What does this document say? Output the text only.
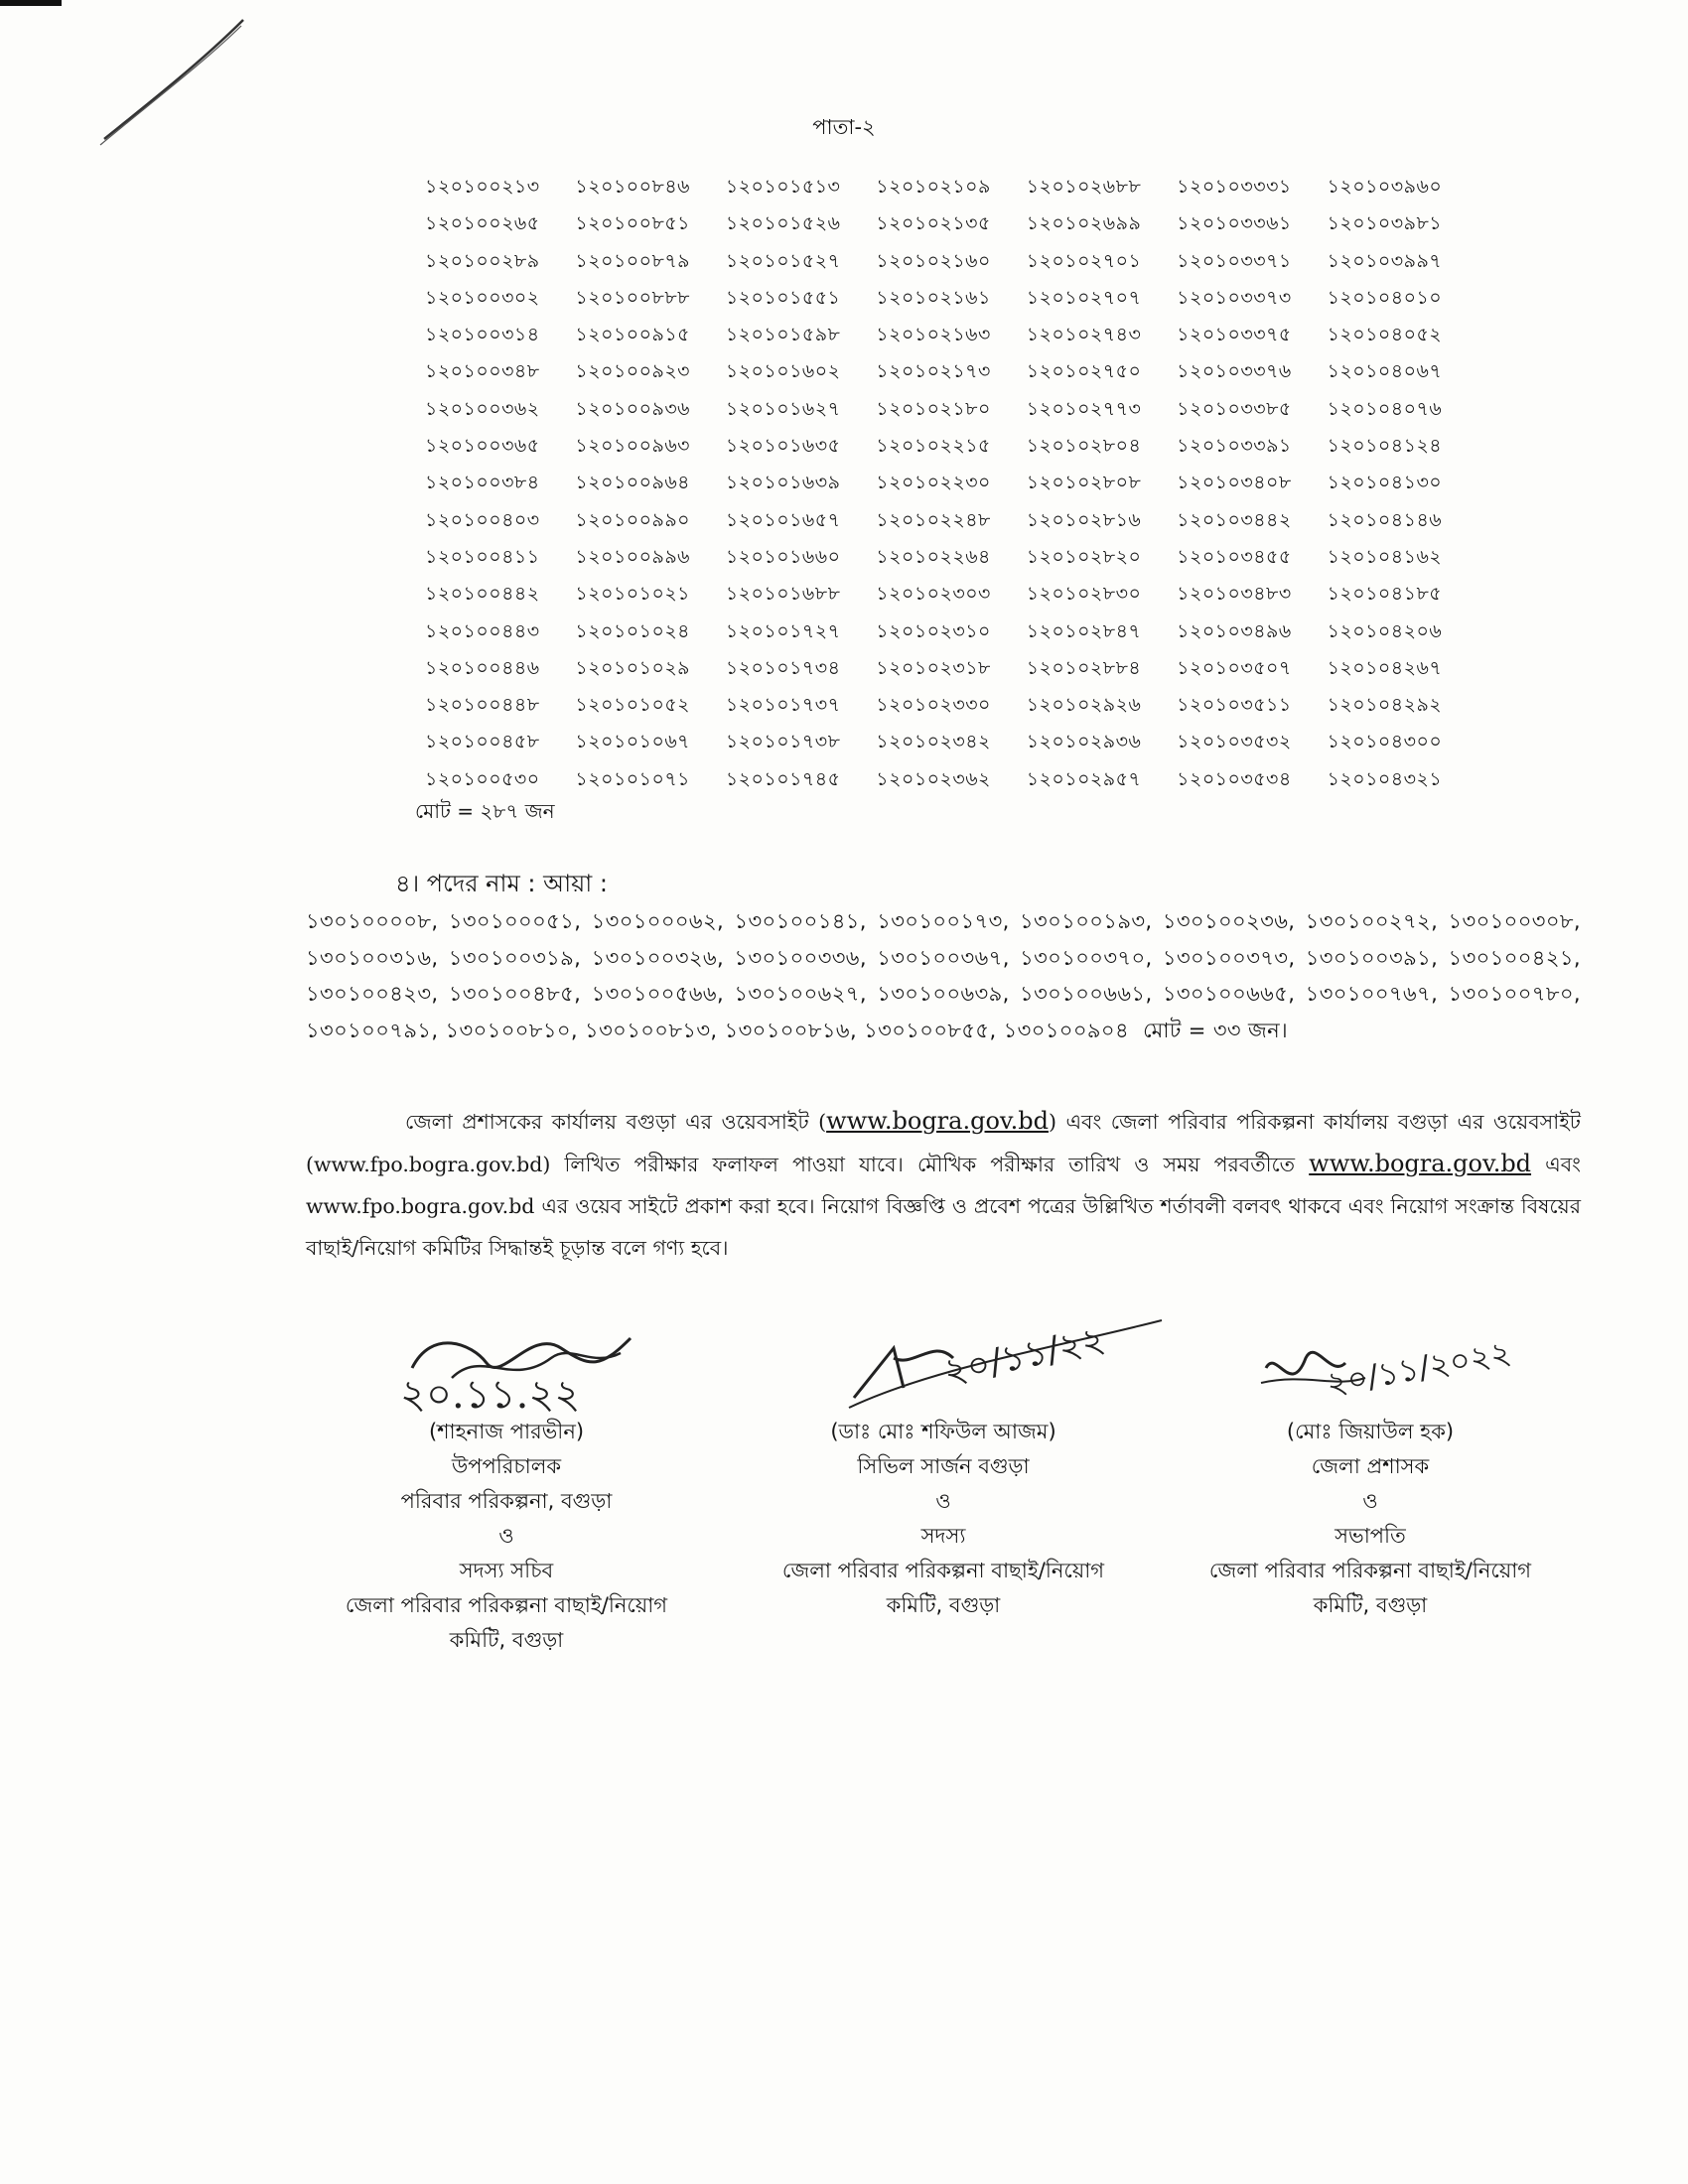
পাতা-২
১২০১০০২১৩	১২০১০০৮৪৬	১২০১০১৫১৩	১২০১০২১০৯	১২০১০২৬৮৮	১২০১০৩৩৩১	১২০১০৩৯৬০
১২০১০০২৬৫	১২০১০০৮৫১	১২০১০১৫২৬	১২০১০২১৩৫	১২০১০২৬৯৯	১২০১০৩৩৬১	১২০১০৩৯৮১
১২০১০০২৮৯	১২০১০০৮৭৯	১২০১০১৫২৭	১২০১০২১৬০	১২০১০২৭০১	১২০১০৩৩৭১	১২০১০৩৯৯৭
১২০১০০৩০২	১২০১০০৮৮৮	১২০১০১৫৫১	১২০১০২১৬১	১২০১০২৭০৭	১২০১০৩৩৭৩	১২০১০৪০১০
১২০১০০৩১৪	১২০১০০৯১৫	১২০১০১৫৯৮	১২০১০২১৬৩	১২০১০২৭৪৩	১২০১০৩৩৭৫	১২০১০৪০৫২
১২০১০০৩৪৮	১২০১০০৯২৩	১২০১০১৬০২	১২০১০২১৭৩	১২০১০২৭৫০	১২০১০৩৩৭৬	১২০১০৪০৬৭
১২০১০০৩৬২	১২০১০০৯৩৬	১২০১০১৬২৭	১২০১০২১৮০	১২০১০২৭৭৩	১২০১০৩৩৮৫	১২০১০৪০৭৬
১২০১০০৩৬৫	১২০১০০৯৬৩	১২০১০১৬৩৫	১২০১০২২১৫	১২০১০২৮০৪	১২০১০৩৩৯১	১২০১০৪১২৪
১২০১০০৩৮৪	১২০১০০৯৬৪	১২০১০১৬৩৯	১২০১০২২৩০	১২০১০২৮০৮	১২০১০৩৪০৮	১২০১০৪১৩০
১২০১০০৪০৩	১২০১০০৯৯০	১২০১০১৬৫৭	১২০১০২২৪৮	১২০১০২৮১৬	১২০১০৩৪৪২	১২০১০৪১৪৬
১২০১০০৪১১	১২০১০০৯৯৬	১২০১০১৬৬০	১২০১০২২৬৪	১২০১০২৮২০	১২০১০৩৪৫৫	১২০১০৪১৬২
১২০১০০৪৪২	১২০১০১০২১	১২০১০১৬৮৮	১২০১০২৩০৩	১২০১০২৮৩০	১২০১০৩৪৮৩	১২০১০৪১৮৫
১২০১০০৪৪৩	১২০১০১০২৪	১২০১০১৭২৭	১২০১০২৩১০	১২০১০২৮৪৭	১২০১০৩৪৯৬	১২০১০৪২০৬
১২০১০০৪৪৬	১২০১০১০২৯	১২০১০১৭৩৪	১২০১০২৩১৮	১২০১০২৮৮৪	১২০১০৩৫০৭	১২০১০৪২৬৭
১২০১০০৪৪৮	১২০১০১০৫২	১২০১০১৭৩৭	১২০১০২৩৩০	১২০১০২৯২৬	১২০১০৩৫১১	১২০১০৪২৯২
১২০১০০৪৫৮	১২০১০১০৬৭	১২০১০১৭৩৮	১২০১০২৩৪২	১২০১০২৯৩৬	১২০১০৩৫৩২	১২০১০৪৩০০
১২০১০০৫৩০	১২০১০১০৭১	১২০১০১৭৪৫	১২০১০২৩৬২	১২০১০২৯৫৭	১২০১০৩৫৩৪	১২০১০৪৩২১
মোট = ২৮৭ জন
৪। পদের নাম : আয়া :
১৩০১০০০০৮, ১৩০১০০০৫১, ১৩০১০০০৬২, ১৩০১০০১৪১, ১৩০১০০১৭৩, ১৩০১০০১৯৩, ১৩০১০০২৩৬, ১৩০১০০২৭২, ১৩০১০০৩০৮, ১৩০১০০৩১৬, ১৩০১০০৩১৯, ১৩০১০০৩২৬, ১৩০১০০৩৩৬, ১৩০১০০৩৬৭, ১৩০১০০৩৭০, ১৩০১০০৩৭৩, ১৩০১০০৩৯১, ১৩০১০০৪২১, ১৩০১০০৪২৩, ১৩০১০০৪৮৫, ১৩০১০০৫৬৬, ১৩০১০০৬২৭, ১৩০১০০৬৩৯, ১৩০১০০৬৬১, ১৩০১০০৬৬৫, ১৩০১০০৭৬৭, ১৩০১০০৭৮০, ১৩০১০০৭৯১, ১৩০১০০৮১০, ১৩০১০০৮১৩, ১৩০১০০৮১৬, ১৩০১০০৮৫৫, ১৩০১০০৯০৪ মোট = ৩৩ জন।
জেলা প্রশাসকের কার্যালয় বগুড়া এর ওয়েবসাইট (www.bogra.gov.bd) এবং জেলা পরিবার পরিকল্পনা কার্যালয় বগুড়া এর ওয়েবসাইট (www.fpo.bogra.gov.bd) লিখিত পরীক্ষার ফলাফল পাওয়া যাবে। মৌখিক পরীক্ষার তারিখ ও সময় পরবর্তীতে www.bogra.gov.bd এবং www.fpo.bogra.gov.bd এর ওয়েব সাইটে প্রকাশ করা হবে। নিয়োগ বিজ্ঞপ্তি ও প্রবেশ পত্রের উল্লিখিত শর্তাবলী বলবৎ থাকবে এবং নিয়োগ সংক্রান্ত বিষয়ের বাছাই/নিয়োগ কমিটির সিদ্ধান্তই চূড়ান্ত বলে গণ্য হবে।
২০.১১.২২
(শাহনাজ পারভীন)
উপপরিচালক
পরিবার পরিকল্পনা, বগুড়া
ও
সদস্য সচিব
জেলা পরিবার পরিকল্পনা বাছাই/নিয়োগ
কমিটি, বগুড়া
২০/১১/২২
(ডাঃ মোঃ শফিউল আজম)
সিভিল সার্জন বগুড়া
ও
সদস্য
জেলা পরিবার পরিকল্পনা বাছাই/নিয়োগ
কমিটি, বগুড়া
২০/১১/২০২২
(মোঃ জিয়াউল হক)
জেলা প্রশাসক
ও
সভাপতি
জেলা পরিবার পরিকল্পনা বাছাই/নিয়োগ
কমিটি, বগুড়া
